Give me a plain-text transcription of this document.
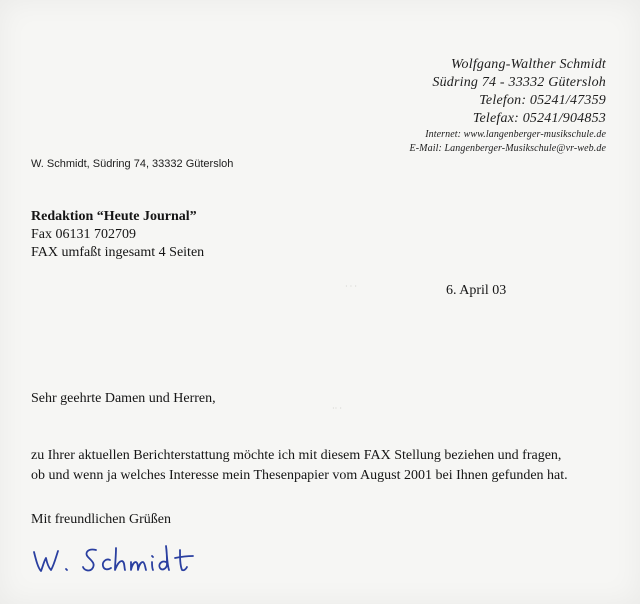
· · ·
·· ·
Wolfgang-Walther Schmidt
Südring 74 - 33332 Gütersloh
Telefon: 05241/47359
Telefax: 05241/904853
Internet: www.langenberger-musikschule.de
E-Mail: Langenberger-Musikschule@vr-web.de
W. Schmidt, Südring 74, 33332 Gütersloh
Redaktion “Heute Journal”
Fax 06131 702709
FAX umfaßt ingesamt 4 Seiten
6. April 03
Sehr geehrte Damen und Herren,
zu Ihrer aktuellen Berichterstattung möchte ich mit diesem FAX Stellung beziehen und fragen,
ob und wenn ja welches Interesse mein Thesenpapier vom August 2001 bei Ihnen gefunden hat.
Mit freundlichen Grüßen
